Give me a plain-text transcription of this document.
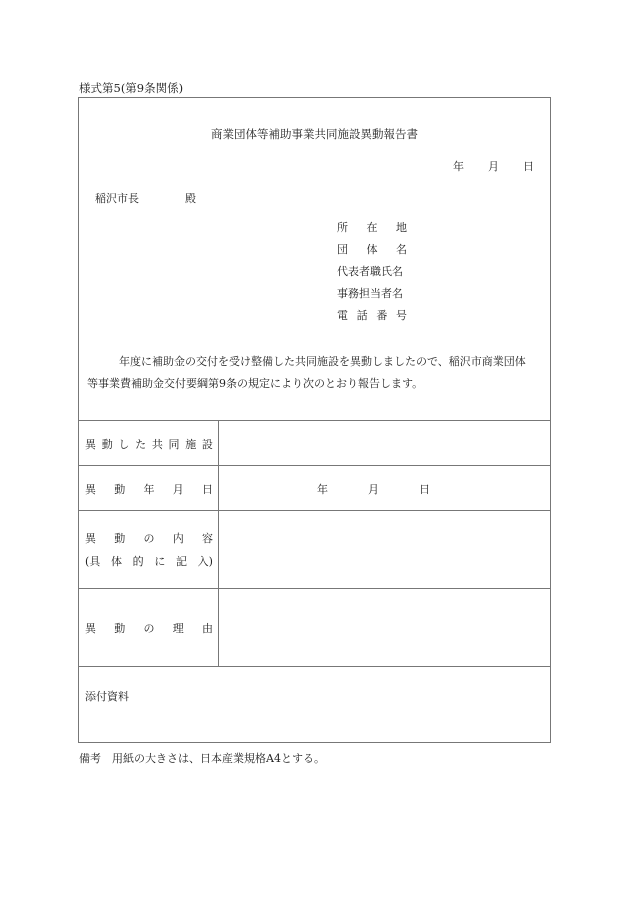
様式第5(第9条関係)
商業団体等補助事業共同施設異動報告書
年 月 日
稲沢市長	殿
所 在 地
団 体 名
代表者職氏名
事務担当者名
電 話 番 号
年度に補助金の交付を受け整備した共同施設を異動しましたので、稲沢市商業団体
等事業費補助金交付要綱第9条の規定により次のとおり報告します。
異 動 し た 共 同 施 設
異 動 年 月 日	年	月	日
異 動 の 内 容
(具 体 的 に 記 入)
異 動 の 理 由
添付資料
備考　用紙の大きさは、日本産業規格A4とする。
